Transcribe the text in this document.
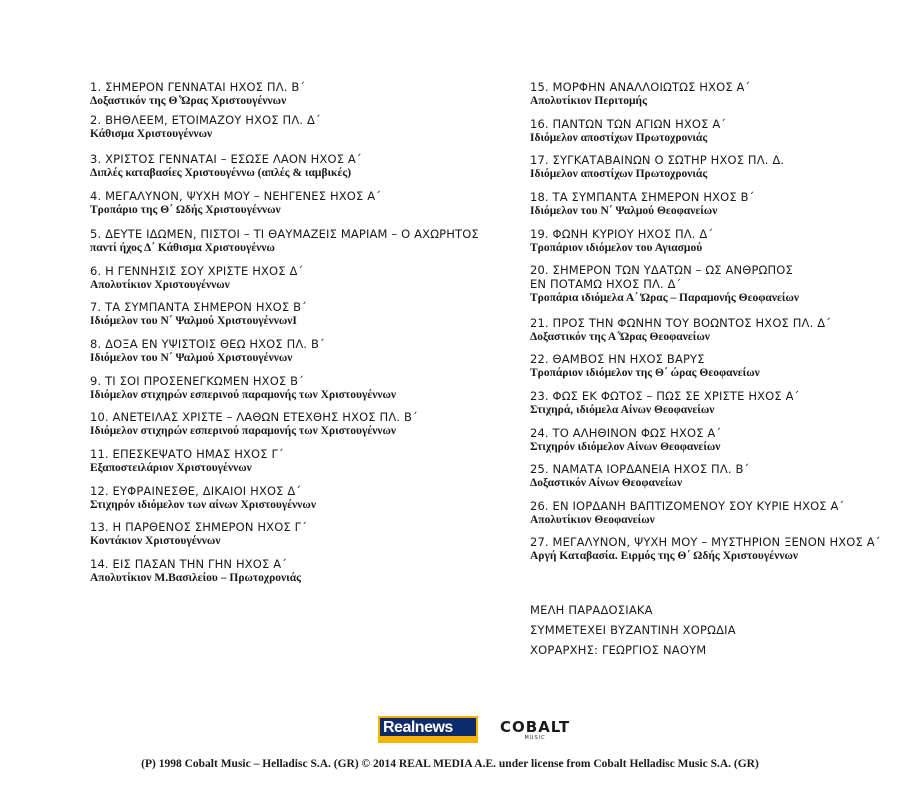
1. ΣΗΜΕΡΟΝ ΓΕΝΝΑΤΑΙ ΗΧΟΣ ΠΛ. Β΄
Δοξαστικόν της Θ΄Ώρας Χριστουγέννων
2. ΒΗΘΛΕΕΜ, ΕΤΟΙΜΑΖΟΥ ΗΧΟΣ ΠΛ. Δ΄
Κάθισμα Χριστουγέννων
3. ΧΡΙΣΤΟΣ ΓΕΝΝΑΤΑΙ – ΕΣΩΣΕ ΛΑΟΝ ΗΧΟΣ Α΄
Διπλές καταβασίες Χριστουγέννω (απλές & ιαμβικές)
4. ΜΕΓΑΛΥΝΟΝ, ΨΥΧΗ ΜΟΥ – ΝΕΗΓΕΝΕΣ ΗΧΟΣ Α΄
Τροπάριο της Θ΄ Ωδής Χριστουγέννων
5. ΔΕΥΤΕ ΙΔΩΜΕΝ, ΠΙΣΤΟΙ – ΤΙ ΘΑΥΜΑΖΕΙΣ ΜΑΡΙΑΜ – Ο ΑΧΩΡΗΤΟΣ
παντί ήχος Δ΄ Κάθισμα Χριστουγέννω
6. Η ΓΕΝΝΗΣΙΣ ΣΟΥ ΧΡΙΣΤΕ ΗΧΟΣ Δ΄
Απολυτίκιον Χριστουγέννων
7. ΤΑ ΣΥΜΠΑΝΤΑ ΣΗΜΕΡΟΝ ΗΧΟΣ Β΄
Ιδιόμελον του Ν΄ Ψαλμού ΧριστουγέννωνΙ
8. ΔΟΞΑ ΕΝ ΥΨΙΣΤΟΙΣ ΘΕΩ ΗΧΟΣ ΠΛ. Β΄
Ιδιόμελον του Ν΄ Ψαλμού Χριστουγέννων
9. ΤΙ ΣΟΙ ΠΡΟΣΕΝΕΓΚΩΜΕΝ ΗΧΟΣ Β΄
Ιδιόμελον στιχηρών εσπερινού παραμονής των Χριστουγέννων
10. ΑΝΕΤΕΙΛΑΣ ΧΡΙΣΤΕ – ΛΑΘΩΝ ΕΤΕΧΘΗΣ ΗΧΟΣ ΠΛ. Β΄
Ιδιόμελον στιχηρών εσπερινού παραμονής των Χριστουγέννων
11. ΕΠΕΣΚΕΨΑΤΟ ΗΜΑΣ ΗΧΟΣ Γ΄
Εξαποστειλάριον Χριστουγέννων
12. ΕΥΦΡΑΙΝΕΣΘΕ, ΔΙΚΑΙΟΙ ΗΧΟΣ Δ΄
Στιχηρόν ιδιόμελον των αίνων Χριστουγέννων
13. Η ΠΑΡΘΕΝΟΣ ΣΗΜΕΡΟΝ ΗΧΟΣ Γ΄
Κοντάκιον Χριστουγέννων
14. ΕΙΣ ΠΑΣΑΝ ΤΗΝ ΓΗΝ ΗΧΟΣ Α΄
Απολυτίκιον Μ.Βασιλείου – Πρωτοχρονιάς
15. ΜΟΡΦΗΝ ΑΝΑΛΛΟΙΩΤΩΣ ΗΧΟΣ Α΄
Απολυτίκιον Περιτομής
16. ΠΑΝΤΩΝ ΤΩΝ ΑΓΙΩΝ ΗΧΟΣ Α΄
Ιδιόμελον αποστίχων Πρωτοχρονιάς
17. ΣΥΓΚΑΤΑΒΑΙΝΩΝ Ο ΣΩΤΗΡ ΗΧΟΣ ΠΛ. Δ.
Ιδιόμελον αποστίχων Πρωτοχρονιάς
18. ΤΑ ΣΥΜΠΑΝΤΑ ΣΗΜΕΡΟΝ ΗΧΟΣ Β΄
Ιδιόμελον του Ν΄ Ψαλμού Θεοφανείων
19. ΦΩΝΗ ΚΥΡΙΟΥ ΗΧΟΣ ΠΛ. Δ΄
Τροπάριον ιδιόμελον του Αγιασμού
20. ΣΗΜΕΡΟΝ ΤΩΝ ΥΔΑΤΩΝ – ΩΣ ΑΝΘΡΩΠΟΣ
ΕΝ ΠΟΤΑΜΩ ΗΧΟΣ ΠΛ. Δ΄
Τροπάρια ιδιόμελα Α΄ Ώρας – Παραμονής Θεοφανείων
21. ΠΡΟΣ ΤΗΝ ΦΩΝΗΝ ΤΟΥ ΒΟΩΝΤΟΣ ΗΧΟΣ ΠΛ. Δ΄
Δοξαστικόν της Α΄Ώρας Θεοφανείων
22. ΘΑΜΒΟΣ ΗΝ ΗΧΟΣ ΒΑΡΥΣ
Τροπάριον ιδιόμελον της Θ΄ ώρας Θεοφανείων
23. ΦΩΣ ΕΚ ΦΩΤΟΣ – ΠΩΣ ΣΕ ΧΡΙΣΤΕ ΗΧΟΣ Α΄
Στιχηρά, ιδιόμελα Αίνων Θεοφανείων
24. ΤΟ ΑΛΗΘΙΝΟΝ ΦΩΣ ΗΧΟΣ Α΄
Στιχηρόν ιδιόμελον Αίνων Θεοφανείων
25. ΝΑΜΑΤΑ ΙΟΡΔΑΝΕΙΑ ΗΧΟΣ ΠΛ. Β΄
Δοξαστικόν Αίνων Θεοφανείων
26. ΕΝ ΙΟΡΔΑΝΗ ΒΑΠΤΙΖΟΜΕΝΟΥ ΣΟΥ ΚΥΡΙΕ ΗΧΟΣ Α΄
Απολυτίκιον Θεοφανείων
27. ΜΕΓΑΛΥΝΟΝ, ΨΥΧΗ ΜΟΥ – ΜΥΣΤΗΡΙΟΝ ΞΕΝΟΝ ΗΧΟΣ Α΄
Αργή Καταβασία. Ειρμός της Θ΄ Ωδής Χριστουγέννων
ΜΕΛΗ ΠΑΡΑΔΟΣΙΑΚΑ
ΣΥΜΜΕΤΕΧΕΙ ΒΥΖΑΝΤΙΝΗ ΧΟΡΩΔΙΑ
ΧΟΡΑΡΧΗΣ: ΓΕΩΡΓΙΟΣ ΝΑΟΥΜ
Realnews	COBALT
MUSIC
(P) 1998 Cobalt Music – Helladisc S.A. (GR) © 2014 REAL MEDIA A.E. under license from Cobalt Helladisc Music S.A. (GR)
